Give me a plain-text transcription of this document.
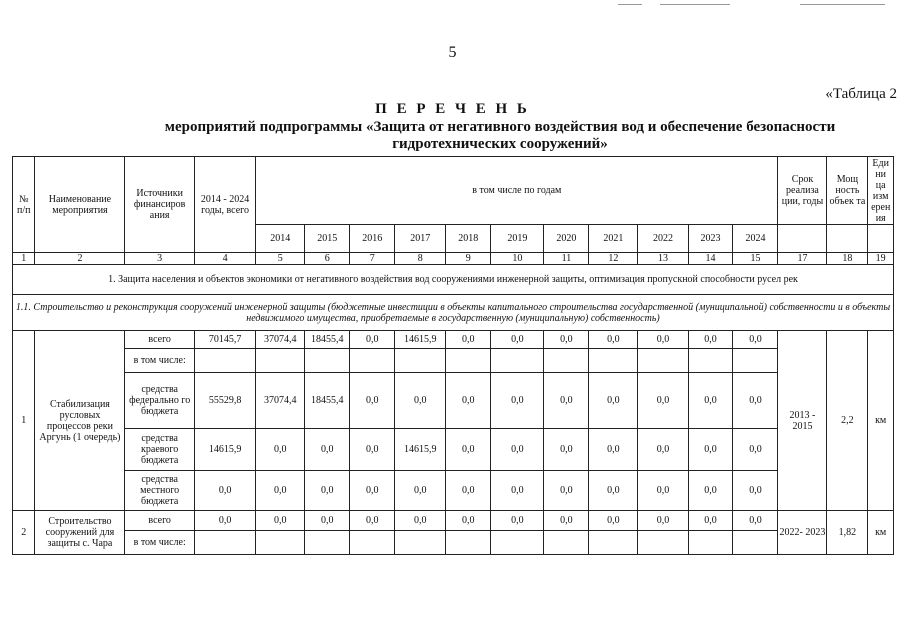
5
«Таблица 2
П Е Р Е Ч Е Н Ь
мероприятий подпрограммы «Защита от негативного воздействия вод и обеспечение безопасности гидротехнических сооружений»
№ п/п	Наименование мероприятия	Источники финансиров ания	2014 - 2024 годы, всего	в том числе по годам											Срок реализа ции, годы	Мощ ность объек та	Еди ни ца изм ерен ия
				2014	2015	2016	2017	2018	2019	2020	2021	2022	2023	2024			
1	2	3	4	5	6	7	8	9	10	11	12	13	14	15	17	18	19
1. Защита населения и объектов экономики от негативного воздействия вод сооружениями инженерной защиты, оптимизация пропускной способности русел рек																	
1.1. Строительство и реконструкция сооружений инженерной защиты (бюджетные инвестиции в объекты капитального строительства государственной (муниципальной) собственности и в объекты недвижимого имущества, приобретаемые в государственную (муниципальную) собственность)																	
1	Стабилизация русловых процессов реки Аргунь (1 очередь)	всего	70145,7	37074,4	18455,4	0,0	14615,9	0,0	0,0	0,0	0,0	0,0	0,0	0,0	2013 - 2015	2,2	км
		в том числе:															
		средства федерально го бюджета	55529,8	37074,4	18455,4	0,0	0,0	0,0	0,0	0,0	0,0	0,0	0,0	0,0			
		средства краевого бюджета	14615,9	0,0	0,0	0,0	14615,9	0,0	0,0	0,0	0,0	0,0	0,0	0,0			
		средства местного бюджета	0,0	0,0	0,0	0,0	0,0	0,0	0,0	0,0	0,0	0,0	0,0	0,0			
2	Строительство сооружений для защиты с. Чара	всего	0,0	0,0	0,0	0,0	0,0	0,0	0,0	0,0	0,0	0,0	0,0	0,0	2022- 2023	1,82	км
		в том числе:															
